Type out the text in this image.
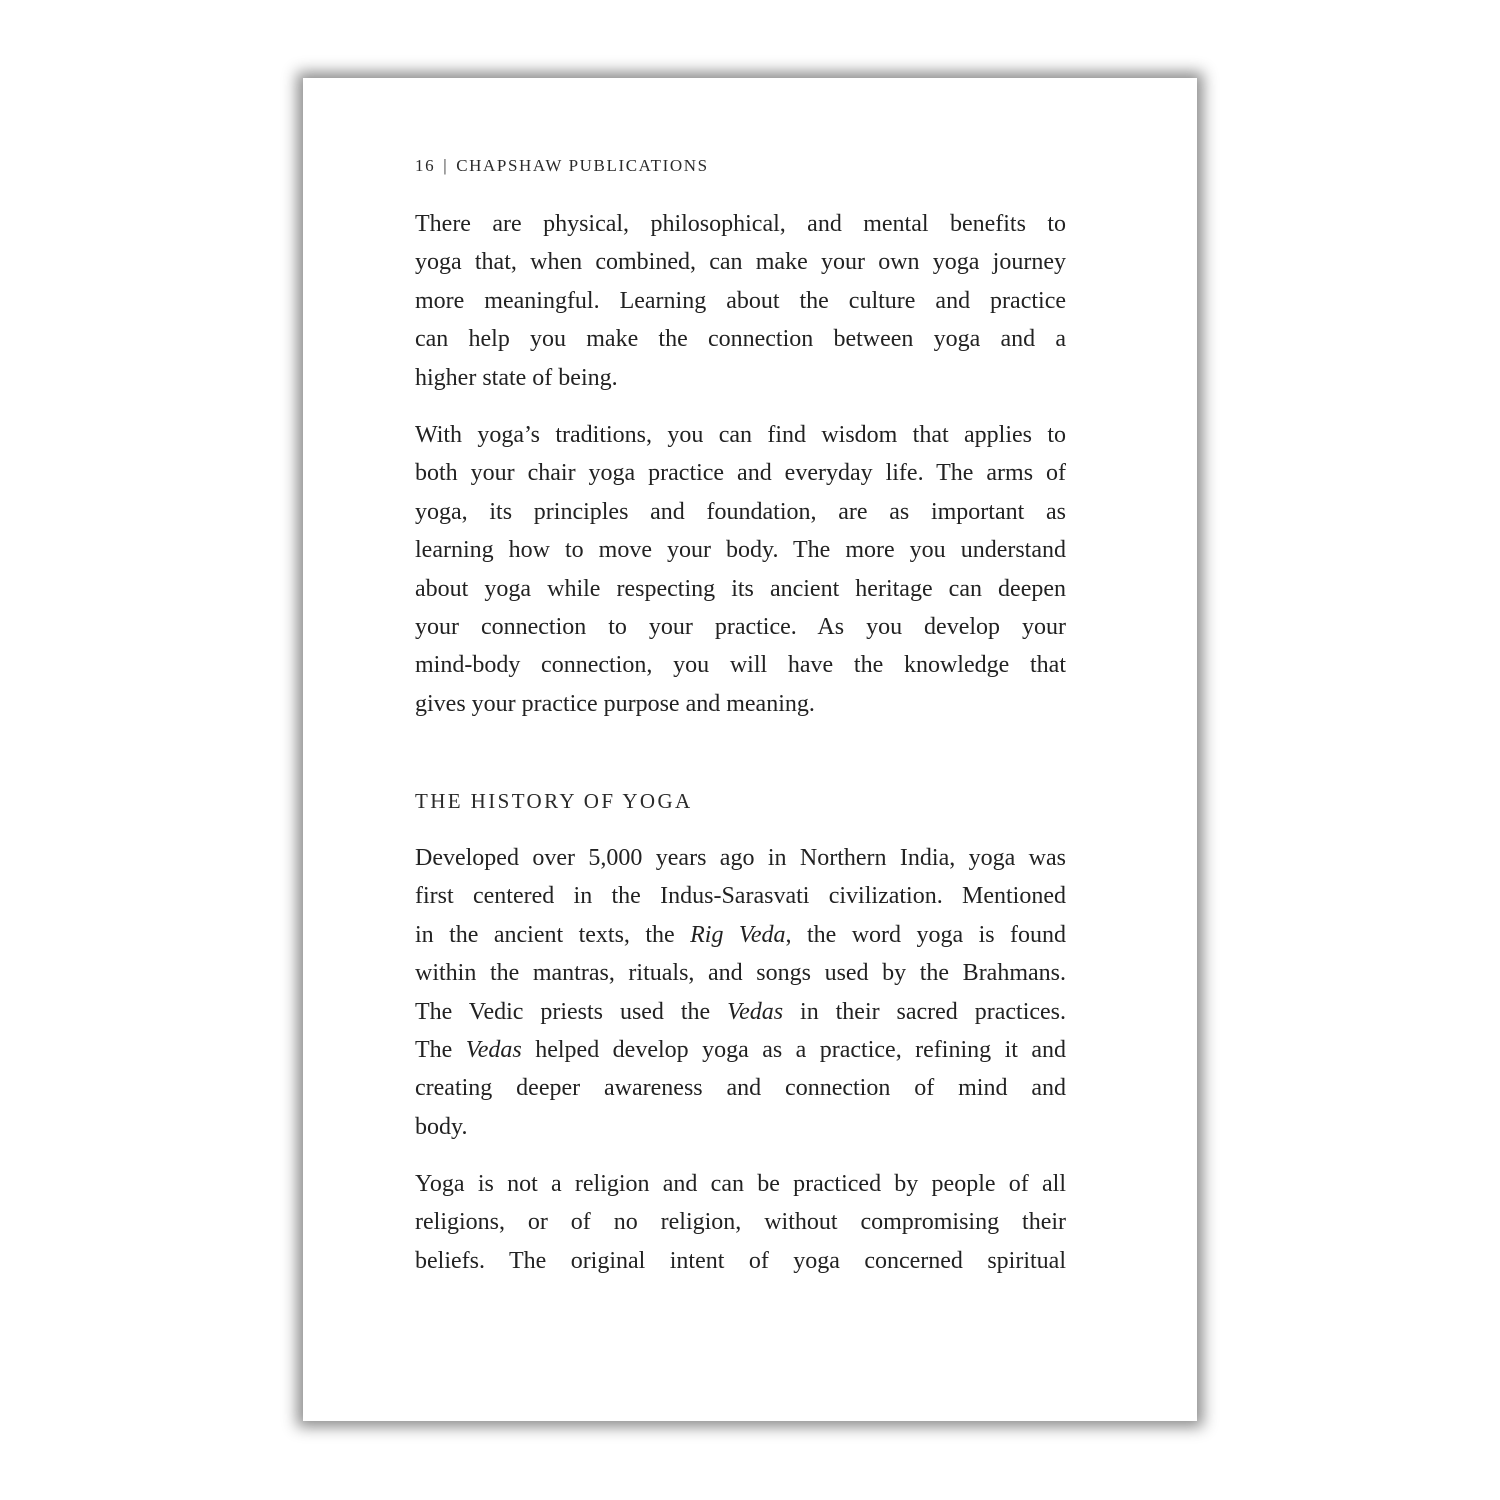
16 | CHAPSHAW PUBLICATIONS
There are physical, philosophical, and mental benefits to
yoga that, when combined, can make your own yoga journey
more meaningful. Learning about the culture and practice
can help you make the connection between yoga and a
higher state of being.
With yoga’s traditions, you can find wisdom that applies to
both your chair yoga practice and everyday life. The arms of
yoga, its principles and foundation, are as important as
learning how to move your body. The more you understand
about yoga while respecting its ancient heritage can deepen
your connection to your practice. As you develop your
mind-body connection, you will have the knowledge that
gives your practice purpose and meaning.
THE HISTORY OF YOGA
Developed over 5,000 years ago in Northern India, yoga was
first centered in the Indus-Sarasvati civilization. Mentioned
in the ancient texts, the Rig Veda, the word yoga is found
within the mantras, rituals, and songs used by the Brahmans.
The Vedic priests used the Vedas in their sacred practices.
The Vedas helped develop yoga as a practice, refining it and
creating deeper awareness and connection of mind and
body.
Yoga is not a religion and can be practiced by people of all
religions, or of no religion, without compromising their
beliefs. The original intent of yoga concerned spiritual
